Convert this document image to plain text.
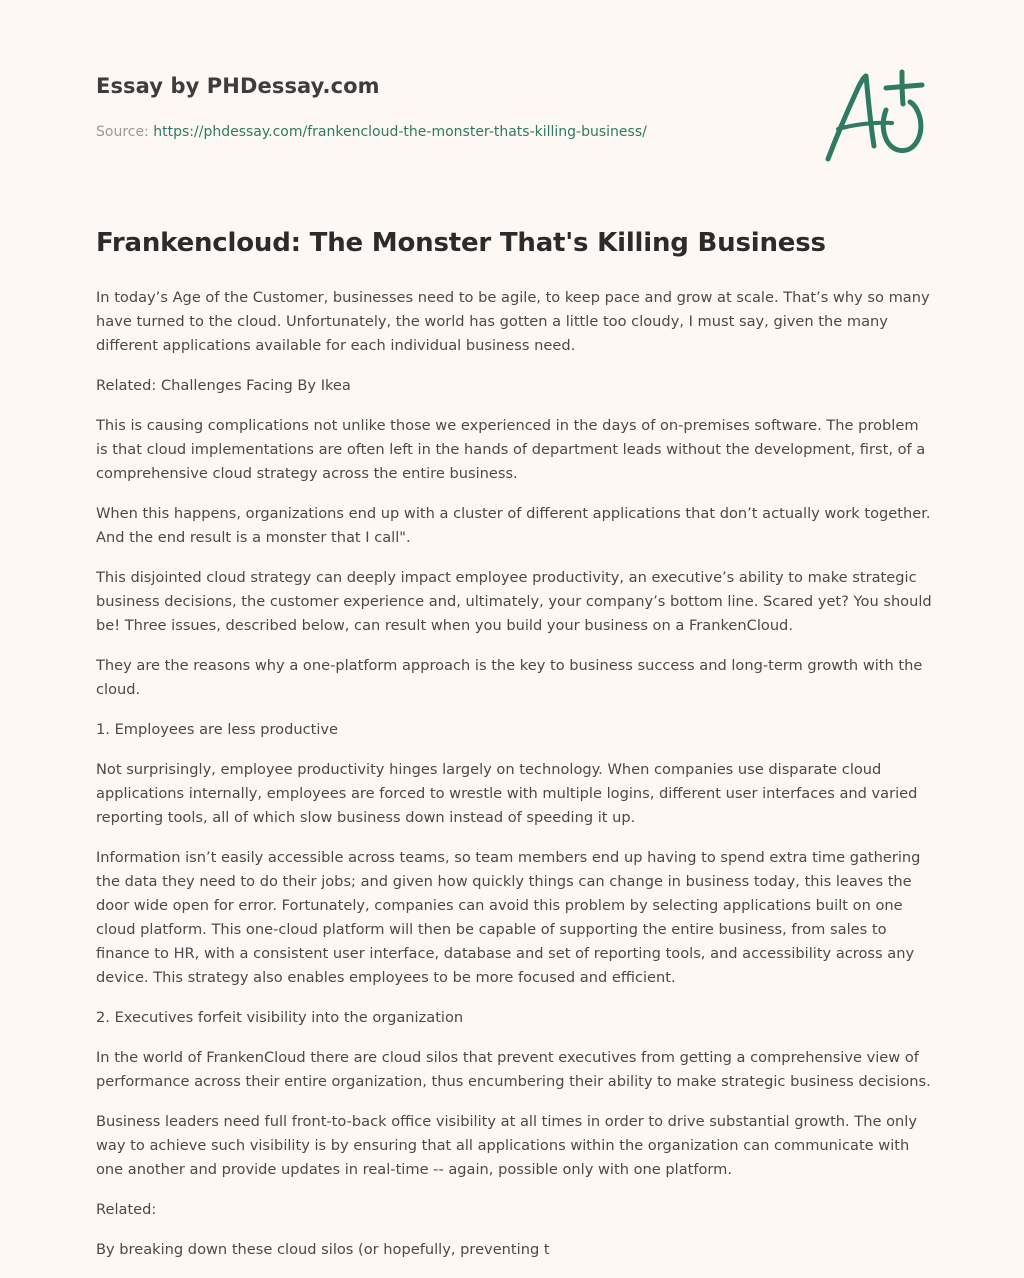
Essay by PHDessay.com

Source: https://phdessay.com/frankencloud-the-monster-thats-killing-business/

Frankencloud: The Monster That's Killing Business

In today’s Age of the Customer, businesses need to be agile, to keep pace and grow at scale. That’s why so many have turned to the cloud. Unfortunately, the world has gotten a little too cloudy, I must say, given the many different applications available for each individual business need.

Related: Challenges Facing By Ikea

This is causing complications not unlike those we experienced in the days of on-premises software. The problem is that cloud implementations are often left in the hands of department leads without the development, first, of a comprehensive cloud strategy across the entire business.

When this happens, organizations end up with a cluster of different applications that don’t actually work together. And the end result is a monster that I call".

This disjointed cloud strategy can deeply impact employee productivity, an executive’s ability to make strategic business decisions, the customer experience and, ultimately, your company’s bottom line. Scared yet? You should be! Three issues, described below, can result when you build your business on a FrankenCloud.

They are the reasons why a one-platform approach is the key to business success and long-term growth with the cloud.

1. Employees are less productive

Not surprisingly, employee productivity hinges largely on technology. When companies use disparate cloud applications internally, employees are forced to wrestle with multiple logins, different user interfaces and varied reporting tools, all of which slow business down instead of speeding it up.

Information isn’t easily accessible across teams, so team members end up having to spend extra time gathering the data they need to do their jobs; and given how quickly things can change in business today, this leaves the door wide open for error. Fortunately, companies can avoid this problem by selecting applications built on one cloud platform. This one-cloud platform will then be capable of supporting the entire business, from sales to finance to HR, with a consistent user interface, database and set of reporting tools, and accessibility across any device. This strategy also enables employees to be more focused and efficient.

2. Executives forfeit visibility into the organization

In the world of FrankenCloud there are cloud silos that prevent executives from getting a comprehensive view of performance across their entire organization, thus encumbering their ability to make strategic business decisions.

Business leaders need full front-to-back office visibility at all times in order to drive substantial growth. The only way to achieve such visibility is by ensuring that all applications within the organization can communicate with one another and provide updates in real-time -- again, possible only with one platform.

Related:

By breaking down these cloud silos (or hopefully, preventing t
